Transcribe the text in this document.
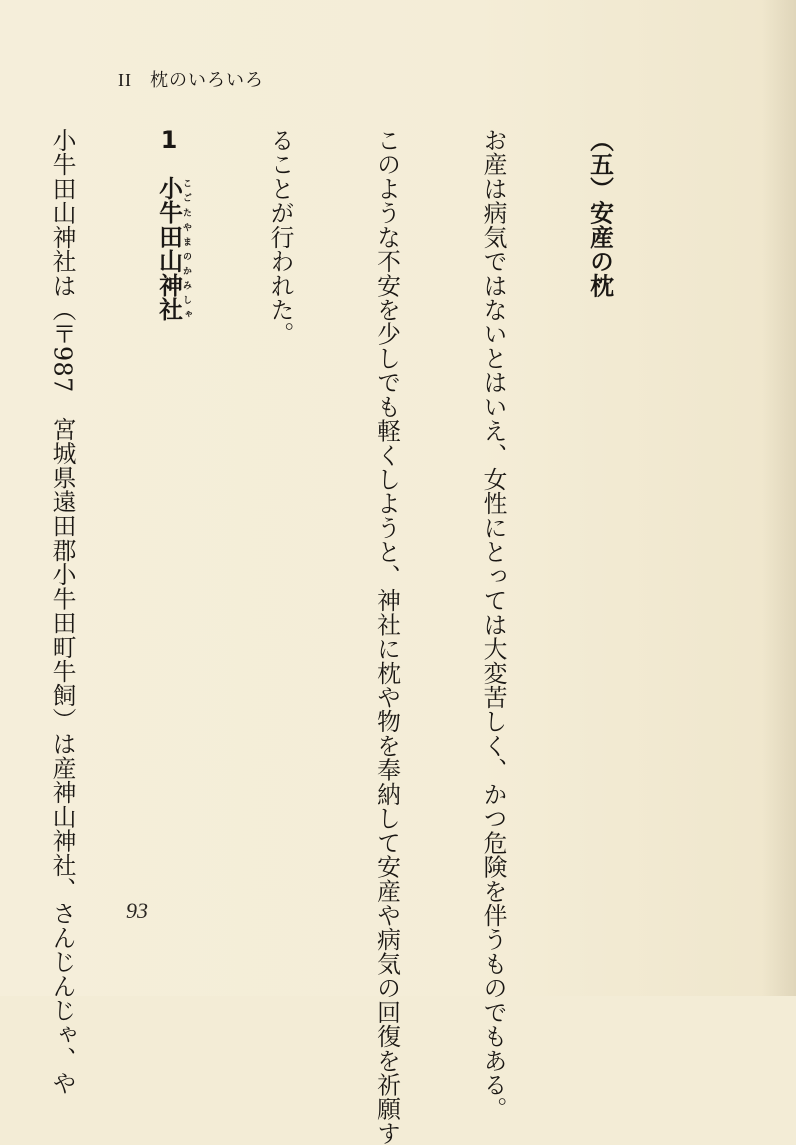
II 枕のいろいろ

（五）安産の枕

お産は病気ではないとはいえ、女性にとっては大変苦しく、かつ危険を伴うものでもある。

このような不安を少しでも軽くしようと、神社に枕や物を奉納して安産や病気の回復を祈願す

ることが行われた。

1　小牛田山神社こごたやまのかみしゃ

小牛田山神社は（〒987　宮城県遠田郡小牛田町牛飼）は産神山神社、さんじんじゃ、や

93
